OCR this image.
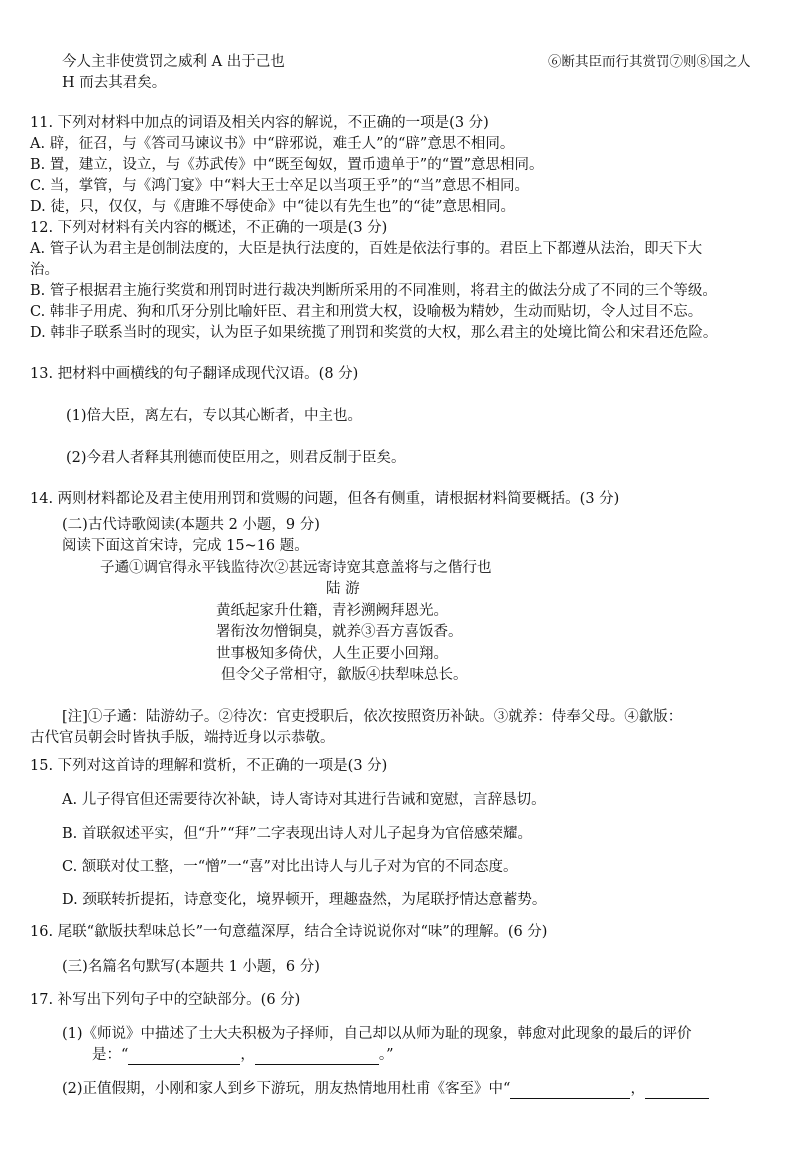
今人主非使赏罚之威利 A 出于己也	⑥断其臣而行其赏罚⑦则⑧国之人
H 而去其君矣。
11. 下列对材料中加点的词语及相关内容的解说，不正确的一项是(3 分)
A. 辟，征召，与《答司马谏议书》中“辟邪说，难壬人”的“辟”意思不相同。
B. 置，建立，设立，与《苏武传》中“既至匈奴，置币遗单于”的“置”意思相同。
C. 当，掌管，与《鸿门宴》中“料大王士卒足以当项王乎”的“当”意思不相同。
D. 徒，只，仅仅，与《唐雎不辱使命》中“徒以有先生也”的“徒”意思相同。
12. 下列对材料有关内容的概述，不正确的一项是(3 分)
A. 管子认为君主是创制法度的，大臣是执行法度的，百姓是依法行事的。君臣上下都遵从法治，即天下大
治。
B. 管子根据君主施行奖赏和刑罚时进行裁决判断所采用的不同准则，将君主的做法分成了不同的三个等级。
C. 韩非子用虎、狗和爪牙分别比喻奸臣、君主和刑赏大权，设喻极为精妙，生动而贴切，令人过目不忘。
D. 韩非子联系当时的现实，认为臣子如果统揽了刑罚和奖赏的大权，那么君主的处境比简公和宋君还危险。
13. 把材料中画横线的句子翻译成现代汉语。(8 分)
(1)倍大臣，离左右，专以其心断者，中主也。
(2)今君人者释其刑德而使臣用之，则君反制于臣矣。
14. 两则材料都论及君主使用刑罚和赏赐的问题，但各有侧重，请根据材料简要概括。(3 分)
(二)古代诗歌阅读(本题共 2 小题，9 分)
阅读下面这首宋诗，完成 15~16 题。
子遹①调官得永平钱监待次②甚远寄诗宽其意盖将与之偕行也
陆 游
黄纸起家升仕籍，青衫溯阙拜恩光。
署衔汝勿憎铜臭，就养③吾方喜饭香。
世事极知多倚伏，人生正要小回翔。
但令父子常相守，歙版④扶犁味总长。
[注]①子遹：陆游幼子。②待次：官吏授职后，依次按照资历补缺。③就养：侍奉父母。④歙版：
古代官员朝会时皆执手版，端持近身以示恭敬。
15. 下列对这首诗的理解和赏析，不正确的一项是(3 分)
A. 儿子得官但还需要待次补缺，诗人寄诗对其进行告诫和宽慰，言辞恳切。
B. 首联叙述平实，但“升”“拜”二字表现出诗人对儿子起身为官倍感荣耀。
C. 颔联对仗工整，一“憎”一“喜”对比出诗人与儿子对为官的不同态度。
D. 颈联转折提拓，诗意变化，境界顿开，理趣盎然，为尾联抒情达意蓄势。
16. 尾联“歙版扶犁味总长”一句意蕴深厚，结合全诗说说你对“味”的理解。(6 分)
(三)名篇名句默写(本题共 1 小题，6 分)
17. 补写出下列句子中的空缺部分。(6 分)
(1)《师说》中描述了士大夫积极为子择师，自己却以从师为耻的现象，韩愈对此现象的最后的评价
是：“	，	。”
(2)正值假期，小刚和家人到乡下游玩，朋友热情地用杜甫《客至》中“	，
